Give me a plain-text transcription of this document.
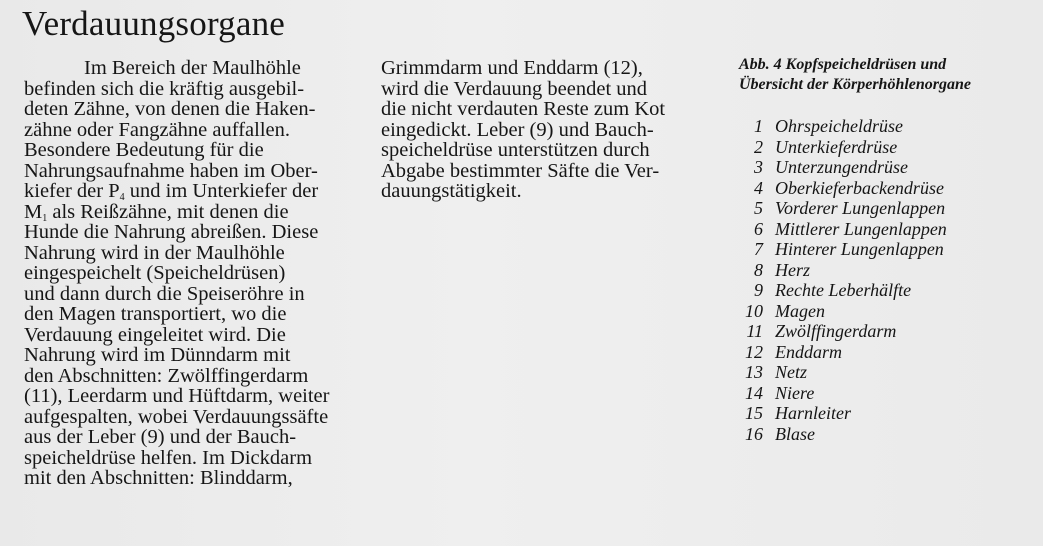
Verdauungsorgane
Im Bereich der Maulhöhle
befinden sich die kräftig ausgebil-
deten Zähne, von denen die Haken-
zähne oder Fangzähne auffallen.
Besondere Bedeutung für die
Nahrungsaufnahme haben im Ober-
kiefer der $P_4$ und im Unterkiefer der
$M_1$ als Reißzähne, mit denen die
Hunde die Nahrung abreißen. Diese
Nahrung wird in der Maulhöhle
eingespeichelt (Speicheldrüsen)
und dann durch die Speiseröhre in
den Magen transportiert, wo die
Verdauung eingeleitet wird. Die
Nahrung wird im Dünndarm mit
den Abschnitten: Zwölffingerdarm
(11), Leerdarm und Hüftdarm, weiter
aufgespalten, wobei Verdauungssäfte
aus der Leber (9) und der Bauch-
speicheldrüse helfen. Im Dickdarm
mit den Abschnitten: Blinddarm,
Grimmdarm und Enddarm (12),
wird die Verdauung beendet und
die nicht verdauten Reste zum Kot
eingedickt. Leber (9) und Bauch-
speicheldrüse unterstützen durch
Abgabe bestimmter Säfte die Ver-
dauungstätigkeit.
Abb. 4 Kopfspeicheldrüsen und
Übersicht der Körperhöhlenorgane
1 Ohrspeicheldrüse
2 Unterkieferdrüse
3 Unterzungendrüse
4 Oberkieferbackendrüse
5 Vorderer Lungenlappen
6 Mittlerer Lungenlappen
7 Hinterer Lungenlappen
8 Herz
9 Rechte Leberhälfte
10 Magen
11 Zwölffingerdarm
12 Enddarm
13 Netz
14 Niere
15 Harnleiter
16 Blase
